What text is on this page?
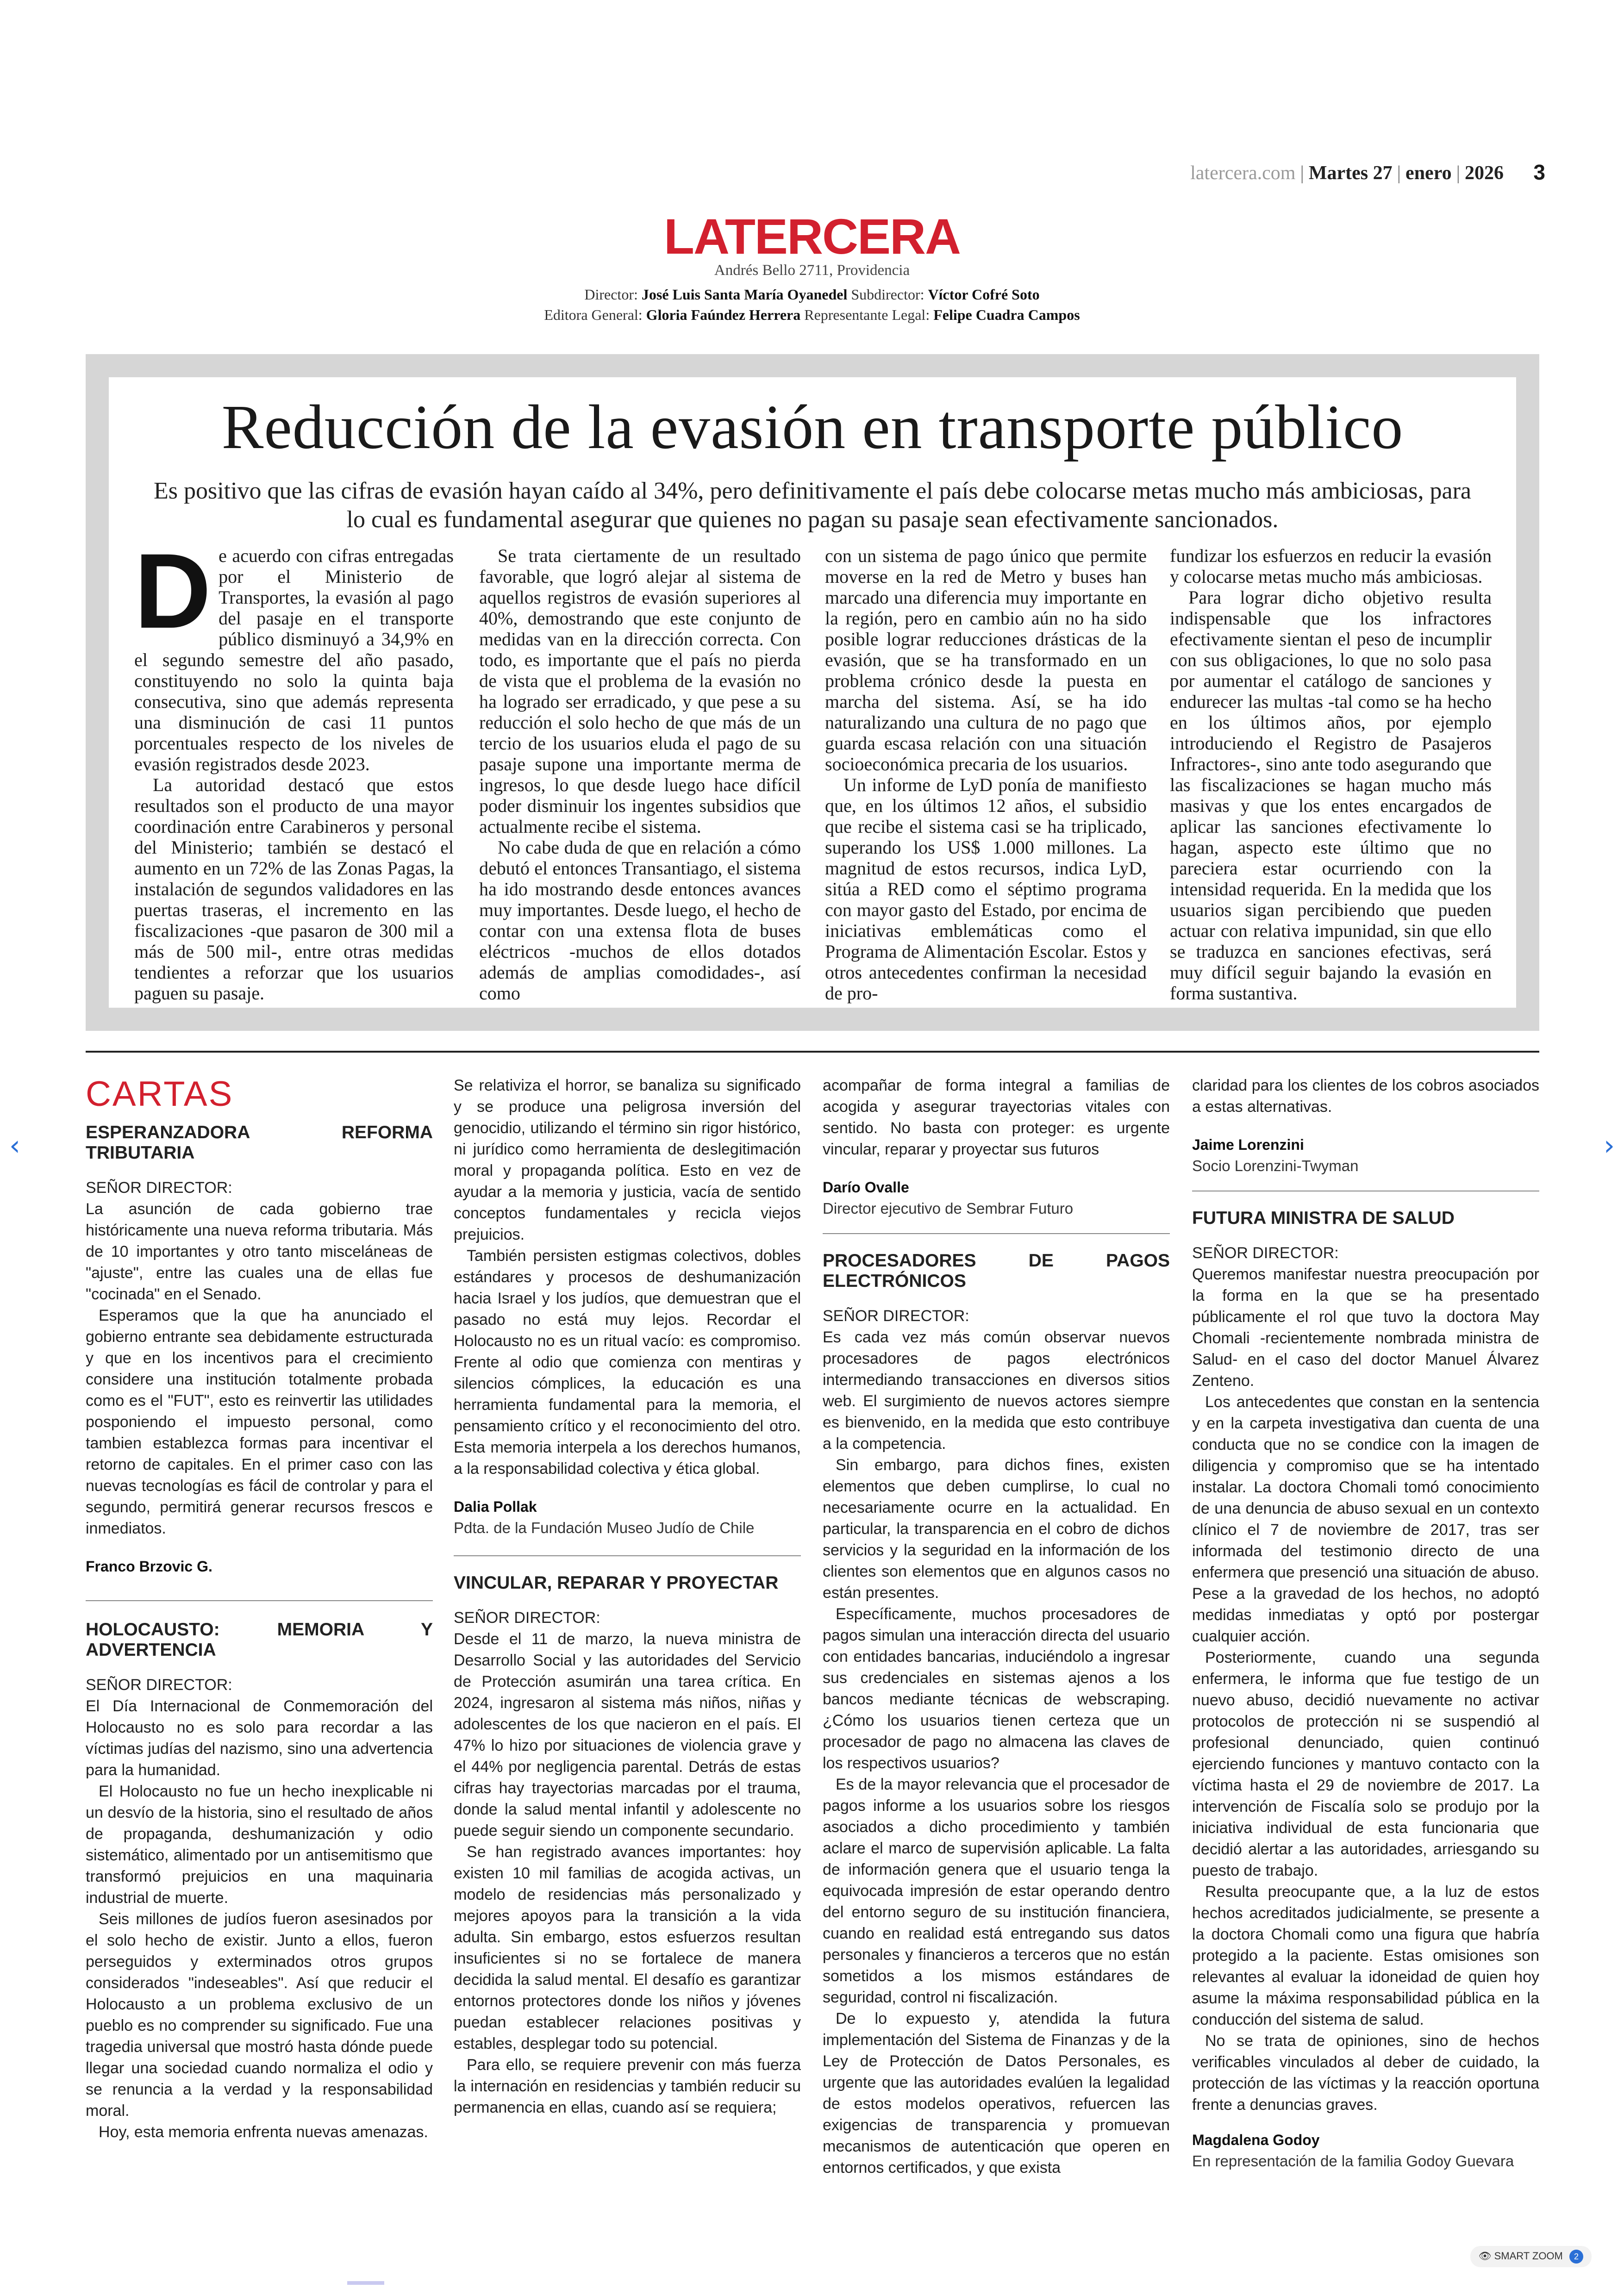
latercera.com | Martes 27 | enero | 2026 3
LATERCERA
Andrés Bello 2711, Providencia
Director: José Luis Santa María Oyanedel Subdirector: Víctor Cofré Soto
Editora General: Gloria Faúndez Herrera Representante Legal: Felipe Cuadra Campos
Reducción de la evasión en transporte público
Es positivo que las cifras de evasión hayan caído al 34%, pero definitivamente el país debe colocarse metas mucho más ambiciosas, para lo cual es fundamental asegurar que quienes no pagan su pasaje sean efectivamente sancionados.
D e acuerdo con cifras entregadas por el Ministerio de Transportes, la evasión al pago del pasaje en el transporte público disminuyó a 34,9% en el segundo semestre del año pasado, constituyendo no solo la quinta baja consecutiva, sino que además representa una disminución de casi 11 puntos porcentuales respecto de los niveles de evasión registrados desde 2023.

La autoridad destacó que estos resultados son el producto de una mayor coordinación entre Carabineros y personal del Ministerio; también se destacó el aumento en un 72% de las Zonas Pagas, la instalación de segundos validadores en las puertas traseras, el incremento en las fiscalizaciones -que pasaron de 300 mil a más de 500 mil-, entre otras medidas tendientes a reforzar que los usuarios paguen su pasaje.

Se trata ciertamente de un resultado favorable, que logró alejar al sistema de aquellos registros de evasión superiores al 40%, demostrando que este conjunto de medidas van en la dirección correcta. Con todo, es importante que el país no pierda de vista que el problema de la evasión no ha logrado ser erradicado, y que pese a su reducción el solo hecho de que más de un tercio de los usuarios eluda el pago de su pasaje supone una importante merma de ingresos, lo que desde luego hace difícil poder disminuir los ingentes subsidios que actualmente recibe el sistema.

No cabe duda de que en relación a cómo debutó el entonces Transantiago, el sistema ha ido mostrando desde entonces avances muy importantes. Desde luego, el hecho de contar con una extensa flota de buses eléctricos -muchos de ellos dotados además de amplias comodidades-, así como

con un sistema de pago único que permite moverse en la red de Metro y buses han marcado una diferencia muy importante en la región, pero en cambio aún no ha sido posible lograr reducciones drásticas de la evasión, que se ha transformado en un problema crónico desde la puesta en marcha del sistema. Así, se ha ido naturalizando una cultura de no pago que guarda escasa relación con una situación socioeconómica precaria de los usuarios.

Un informe de LyD ponía de manifiesto que, en los últimos 12 años, el subsidio que recibe el sistema casi se ha triplicado, superando los US$ 1.000 millones. La magnitud de estos recursos, indica LyD, sitúa a RED como el séptimo programa con mayor gasto del Estado, por encima de iniciativas emblemáticas como el Programa de Alimentación Escolar. Estos y otros antecedentes confirman la necesidad de pro-

fundizar los esfuerzos en reducir la evasión y colocarse metas mucho más ambiciosas.

Para lograr dicho objetivo resulta indispensable que los infractores efectivamente sientan el peso de incumplir con sus obligaciones, lo que no solo pasa por aumentar el catálogo de sanciones y endurecer las multas -tal como se ha hecho en los últimos años, por ejemplo introduciendo el Registro de Pasajeros Infractores-, sino ante todo asegurando que las fiscalizaciones se hagan mucho más masivas y que los entes encargados de aplicar las sanciones efectivamente lo hagan, aspecto este último que no pareciera estar ocurriendo con la intensidad requerida. En la medida que los usuarios sigan percibiendo que pueden actuar con relativa impunidad, sin que ello se traduzca en sanciones efectivas, será muy difícil seguir bajando la evasión en forma sustantiva.

CARTAS
ESPERANZADORA REFORMA TRIBUTARIA
SEÑOR DIRECTOR:

La asunción de cada gobierno trae históricamente una nueva reforma tributaria. Más de 10 importantes y otro tanto misceláneas de "ajuste", entre las cuales una de ellas fue "cocinada" en el Senado.

Esperamos que la que ha anunciado el gobierno entrante sea debidamente estructurada y que en los incentivos para el crecimiento considere una institución totalmente probada como es el "FUT", esto es reinvertir las utilidades posponiendo el impuesto personal, como tambien establezca formas para incentivar el retorno de capitales. En el primer caso con las nuevas tecnologías es fácil de controlar y para el segundo, permitirá generar recursos frescos e inmediatos.

Franco Brzovic G.
HOLOCAUSTO: MEMORIA Y ADVERTENCIA
SEÑOR DIRECTOR:

El Día Internacional de Conmemoración del Holocausto no es solo para recordar a las víctimas judías del nazismo, sino una advertencia para la humanidad.

El Holocausto no fue un hecho inexplicable ni un desvío de la historia, sino el resultado de años de propaganda, deshumanización y odio sistemático, alimentado por un antisemitismo que transformó prejuicios en una maquinaria industrial de muerte.

Seis millones de judíos fueron asesinados por el solo hecho de existir. Junto a ellos, fueron perseguidos y exterminados otros grupos considerados "indeseables". Así que reducir el Holocausto a un problema exclusivo de un pueblo es no comprender su significado. Fue una tragedia universal que mostró hasta dónde puede llegar una sociedad cuando normaliza el odio y se renuncia a la verdad y la responsabilidad moral.

Hoy, esta memoria enfrenta nuevas amenazas.

Se relativiza el horror, se banaliza su significado y se produce una peligrosa inversión del genocidio, utilizando el término sin rigor histórico, ni jurídico como herramienta de deslegitimación moral y propaganda política. Esto en vez de ayudar a la memoria y justicia, vacía de sentido conceptos fundamentales y recicla viejos prejuicios.

También persisten estigmas colectivos, dobles estándares y procesos de deshumanización hacia Israel y los judíos, que demuestran que el pasado no está muy lejos. Recordar el Holocausto no es un ritual vacío: es compromiso. Frente al odio que comienza con mentiras y silencios cómplices, la educación es una herramienta fundamental para la memoria, el pensamiento crítico y el reconocimiento del otro. Esta memoria interpela a los derechos humanos, a la responsabilidad colectiva y ética global.

Dalia Pollak
Pdta. de la Fundación Museo Judío de Chile
VINCULAR, REPARAR Y PROYECTAR
SEÑOR DIRECTOR:

Desde el 11 de marzo, la nueva ministra de Desarrollo Social y las autoridades del Servicio de Protección asumirán una tarea crítica. En 2024, ingresaron al sistema más niños, niñas y adolescentes de los que nacieron en el país. El 47% lo hizo por situaciones de violencia grave y el 44% por negligencia parental. Detrás de estas cifras hay trayectorias marcadas por el trauma, donde la salud mental infantil y adolescente no puede seguir siendo un componente secundario.

Se han registrado avances importantes: hoy existen 10 mil familias de acogida activas, un modelo de residencias más personalizado y mejores apoyos para la transición a la vida adulta. Sin embargo, estos esfuerzos resultan insuficientes si no se fortalece de manera decidida la salud mental. El desafío es garantizar entornos protectores donde los niños y jóvenes puedan establecer relaciones positivas y estables, desplegar todo su potencial.

Para ello, se requiere prevenir con más fuerza la internación en residencias y también reducir su permanencia en ellas, cuando así se requiera;

acompañar de forma integral a familias de acogida y asegurar trayectorias vitales con sentido. No basta con proteger: es urgente vincular, reparar y proyectar sus futuros

Darío Ovalle
Director ejecutivo de Sembrar Futuro
PROCESADORES DE PAGOS ELECTRÓNICOS
SEÑOR DIRECTOR:

Es cada vez más común observar nuevos procesadores de pagos electrónicos intermediando transacciones en diversos sitios web. El surgimiento de nuevos actores siempre es bienvenido, en la medida que esto contribuye a la competencia.

Sin embargo, para dichos fines, existen elementos que deben cumplirse, lo cual no necesariamente ocurre en la actualidad. En particular, la transparencia en el cobro de dichos servicios y la seguridad en la información de los clientes son elementos que en algunos casos no están presentes.

Específicamente, muchos procesadores de pagos simulan una interacción directa del usuario con entidades bancarias, induciéndolo a ingresar sus credenciales en sistemas ajenos a los bancos mediante técnicas de webscraping. ¿Cómo los usuarios tienen certeza que un procesador de pago no almacena las claves de los respectivos usuarios?

Es de la mayor relevancia que el procesador de pagos informe a los usuarios sobre los riesgos asociados a dicho procedimiento y también aclare el marco de supervisión aplicable. La falta de información genera que el usuario tenga la equivocada impresión de estar operando dentro del entorno seguro de su institución financiera, cuando en realidad está entregando sus datos personales y financieros a terceros que no están sometidos a los mismos estándares de seguridad, control ni fiscalización.

De lo expuesto y, atendida la futura implementación del Sistema de Finanzas y de la Ley de Protección de Datos Personales, es urgente que las autoridades evalúen la legalidad de estos modelos operativos, refuercen las exigencias de transparencia y promuevan mecanismos de autenticación que operen en entornos certificados, y que exista

claridad para los clientes de los cobros asociados a estas alternativas.

Jaime Lorenzini
Socio Lorenzini-Twyman
FUTURA MINISTRA DE SALUD
SEÑOR DIRECTOR:

Queremos manifestar nuestra preocupación por la forma en la que se ha presentado públicamente el rol que tuvo la doctora May Chomali -recientemente nombrada ministra de Salud- en el caso del doctor Manuel Álvarez Zenteno.

Los antecedentes que constan en la sentencia y en la carpeta investigativa dan cuenta de una conducta que no se condice con la imagen de diligencia y compromiso que se ha intentado instalar. La doctora Chomali tomó conocimiento de una denuncia de abuso sexual en un contexto clínico el 7 de noviembre de 2017, tras ser informada del testimonio directo de una enfermera que presenció una situación de abuso. Pese a la gravedad de los hechos, no adoptó medidas inmediatas y optó por postergar cualquier acción.

Posteriormente, cuando una segunda enfermera, le informa que fue testigo de un nuevo abuso, decidió nuevamente no activar protocolos de protección ni se suspendió al profesional denunciado, quien continuó ejerciendo funciones y mantuvo contacto con la víctima hasta el 29 de noviembre de 2017. La intervención de Fiscalía solo se produjo por la iniciativa individual de esta funcionaria que decidió alertar a las autoridades, arriesgando su puesto de trabajo.

Resulta preocupante que, a la luz de estos hechos acreditados judicialmente, se presente a la doctora Chomali como una figura que habría protegido a la paciente. Estas omisiones son relevantes al evaluar la idoneidad de quien hoy asume la máxima responsabilidad pública en la conducción del sistema de salud.

No se trata de opiniones, sino de hechos verificables vinculados al deber de cuidado, la protección de las víctimas y la reacción oportuna frente a denuncias graves.

Magdalena Godoy
En representación de la familia Godoy Guevara
‹	›
👁 SMART ZOOM 2
